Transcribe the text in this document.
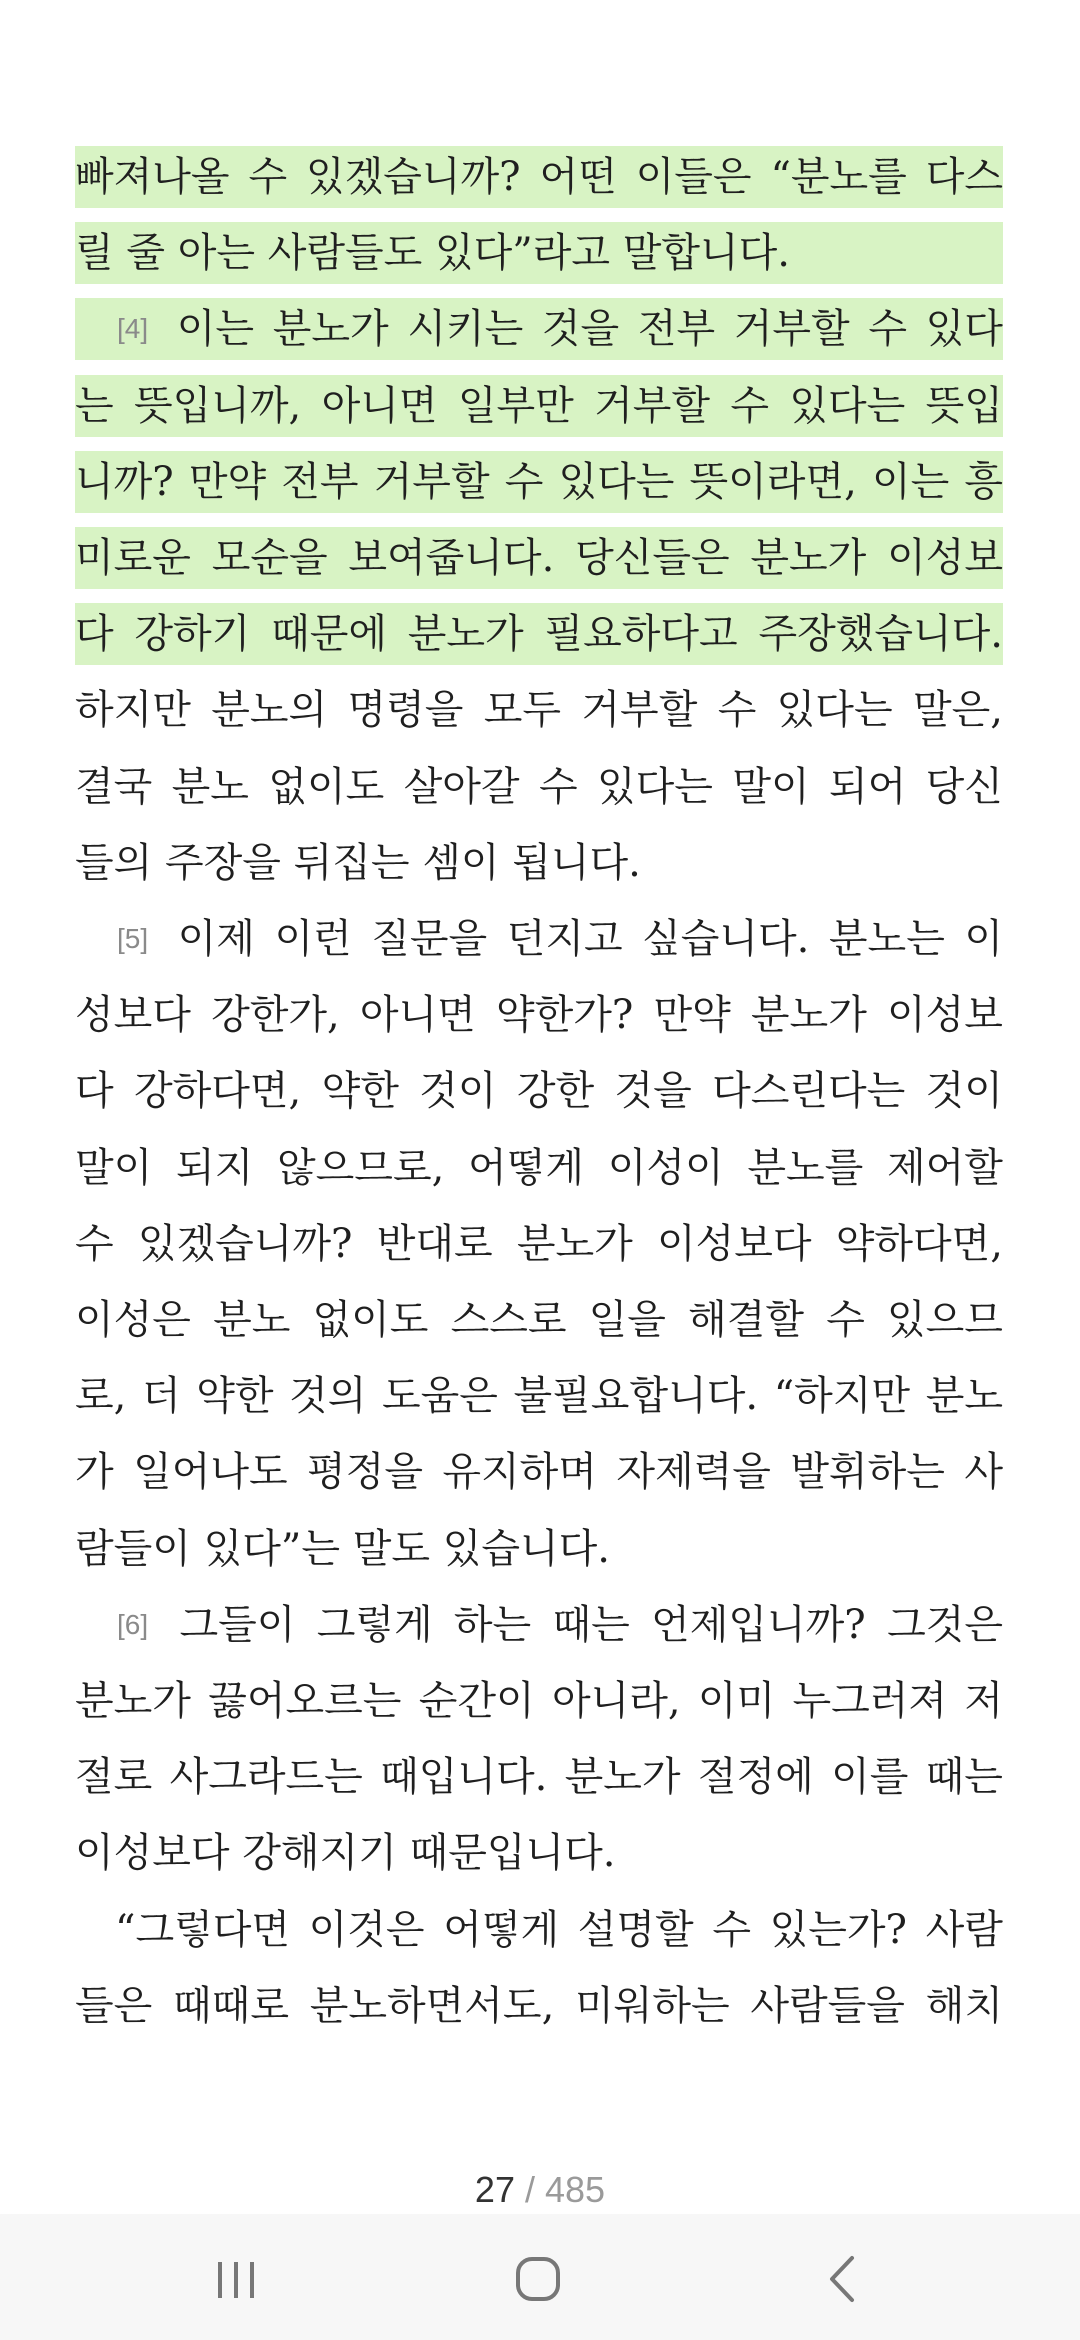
빠져나올 수 있겠습니까? 어떤 이들은 “분노를 다스
릴 줄 아는 사람들도 있다”라고 말합니다.
[4] 이는 분노가 시키는 것을 전부 거부할 수 있다
는 뜻입니까, 아니면 일부만 거부할 수 있다는 뜻입
니까? 만약 전부 거부할 수 있다는 뜻이라면, 이는 흥
미로운 모순을 보여줍니다. 당신들은 분노가 이성보
다 강하기 때문에 분노가 필요하다고 주장했습니다.
하지만 분노의 명령을 모두 거부할 수 있다는 말은,
결국 분노 없이도 살아갈 수 있다는 말이 되어 당신
들의 주장을 뒤집는 셈이 됩니다.
[5] 이제 이런 질문을 던지고 싶습니다. 분노는 이
성보다 강한가, 아니면 약한가? 만약 분노가 이성보
다 강하다면, 약한 것이 강한 것을 다스린다는 것이
말이 되지 않으므로, 어떻게 이성이 분노를 제어할
수 있겠습니까? 반대로 분노가 이성보다 약하다면,
이성은 분노 없이도 스스로 일을 해결할 수 있으므
로, 더 약한 것의 도움은 불필요합니다. “하지만 분노
가 일어나도 평정을 유지하며 자제력을 발휘하는 사
람들이 있다”는 말도 있습니다.
[6] 그들이 그렇게 하는 때는 언제입니까? 그것은
분노가 끓어오르는 순간이 아니라, 이미 누그러져 저
절로 사그라드는 때입니다. 분노가 절정에 이를 때는
이성보다 강해지기 때문입니다.
“그렇다면 이것은 어떻게 설명할 수 있는가? 사람
들은 때때로 분노하면서도, 미워하는 사람들을 해치
27 / 485
